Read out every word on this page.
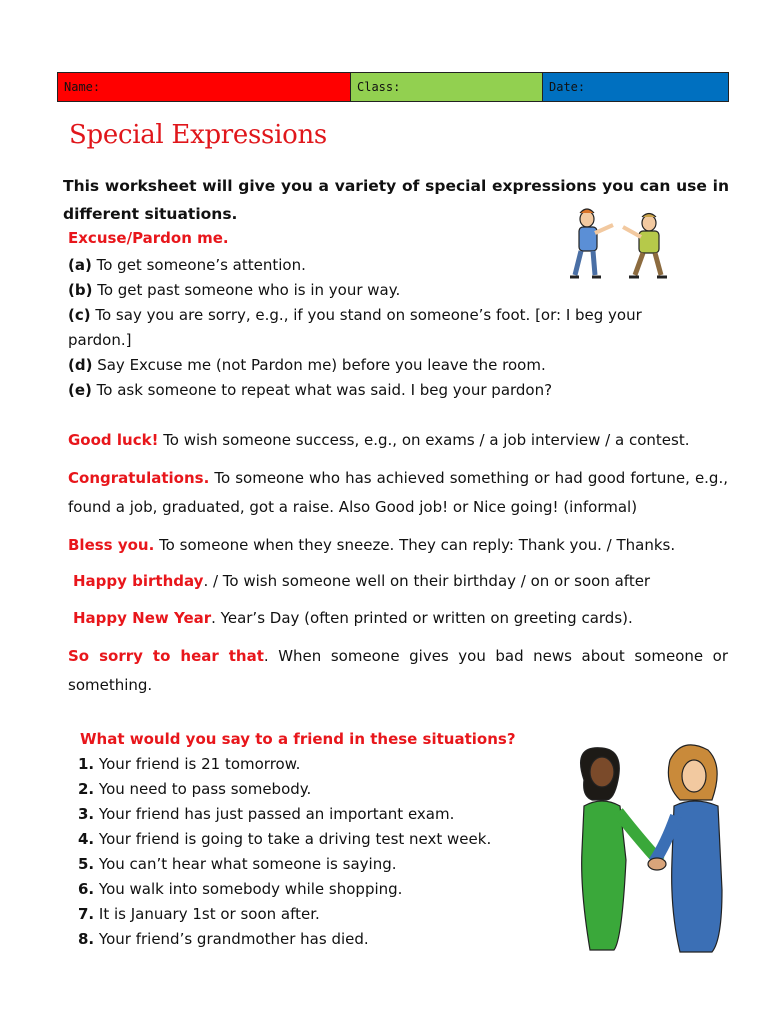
Name:	Class:	Date:
Special Expressions
This worksheet will give you a variety of special expressions you can use in different situations.
Excuse/Pardon me.
(a) To get someone’s attention.
(b) To get past someone who is in your way.
(c) To say you are sorry, e.g., if you stand on someone’s foot. [or: I beg your pardon.]
(d) Say Excuse me (not Pardon me) before you leave the room.
(e) To ask someone to repeat what was said. I beg your pardon?
Good luck! To wish someone success, e.g., on exams / a job interview / a contest.
Congratulations. To someone who has achieved something or had good fortune, e.g., found a job, graduated, got a raise. Also Good job! or Nice going! (informal)
Bless you. To someone when they sneeze. They can reply: Thank you. / Thanks.
Happy birthday. / To wish someone well on their birthday / on or soon after
Happy New Year. Year’s Day (often printed or written on greeting cards).
So sorry to hear that. When someone gives you bad news about someone or something.
What would you say to a friend in these situations?
1. Your friend is 21 tomorrow.
2. You need to pass somebody.
3. Your friend has just passed an important exam.
4. Your friend is going to take a driving test next week.
5. You can’t hear what someone is saying.
6. You walk into somebody while shopping.
7. It is January 1st or soon after.
8. Your friend’s grandmother has died.
